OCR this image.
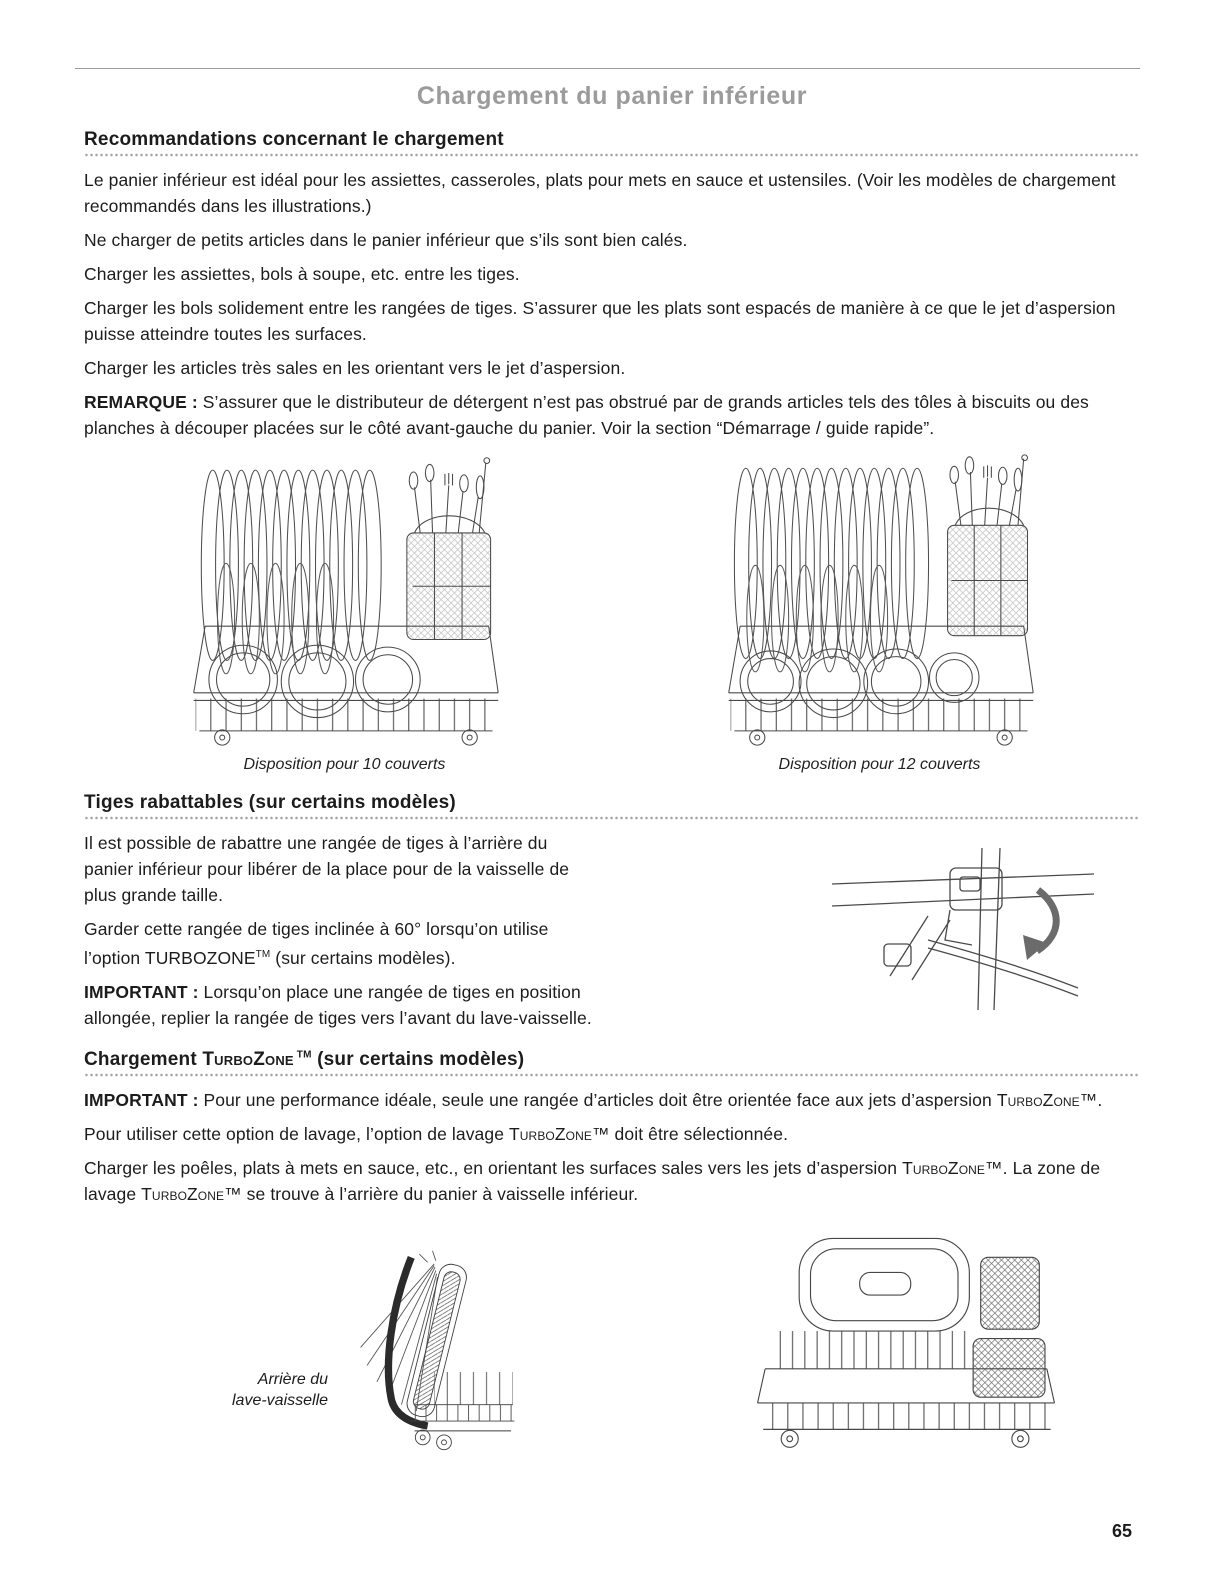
Chargement du panier inférieur
Recommandations concernant le chargement

Le panier inférieur est idéal pour les assiettes, casseroles, plats pour mets en sauce et ustensiles. (Voir les modèles de chargement recommandés dans les illustrations.)

Ne charger de petits articles dans le panier inférieur que s’ils sont bien calés.

Charger les assiettes, bols à soupe, etc. entre les tiges.

Charger les bols solidement entre les rangées de tiges. S’assurer que les plats sont espacés de manière à ce que le jet d’aspersion puisse atteindre toutes les surfaces.

Charger les articles très sales en les orientant vers le jet d’aspersion.

REMARQUE : S’assurer que le distributeur de détergent n’est pas obstrué par de grands articles tels des tôles à biscuits ou des planches à découper placées sur le côté avant-gauche du panier. Voir la section “Démarrage / guide rapide”.

Disposition pour 10 couverts	Disposition pour 12 couverts
Tiges rabattables (sur certains modèles)

Il est possible de rabattre une rangée de tiges à l’arrière du panier inférieur pour libérer de la place pour de la vaisselle de plus grande taille.

Garder cette rangée de tiges inclinée à 60° lorsqu’on utilise l’option TURBOZONE™ (sur certains modèles).

IMPORTANT : Lorsqu’on place une rangée de tiges en position allongée, replier la rangée de tiges vers l’avant du lave-vaisselle.

Chargement TurboZone ™ (sur certains modèles)

IMPORTANT : Pour une performance idéale, seule une rangée d’articles doit être orientée face aux jets d’aspersion TurboZone™.

Pour utiliser cette option de lavage, l’option de lavage TurboZone™ doit être sélectionnée.

Charger les poêles, plats à mets en sauce, etc., en orientant les surfaces sales vers les jets d’aspersion TurboZone™. La zone de lavage TurboZone™ se trouve à l’arrière du panier à vaisselle inférieur.

Arrière du
lave-vaisselle
65
